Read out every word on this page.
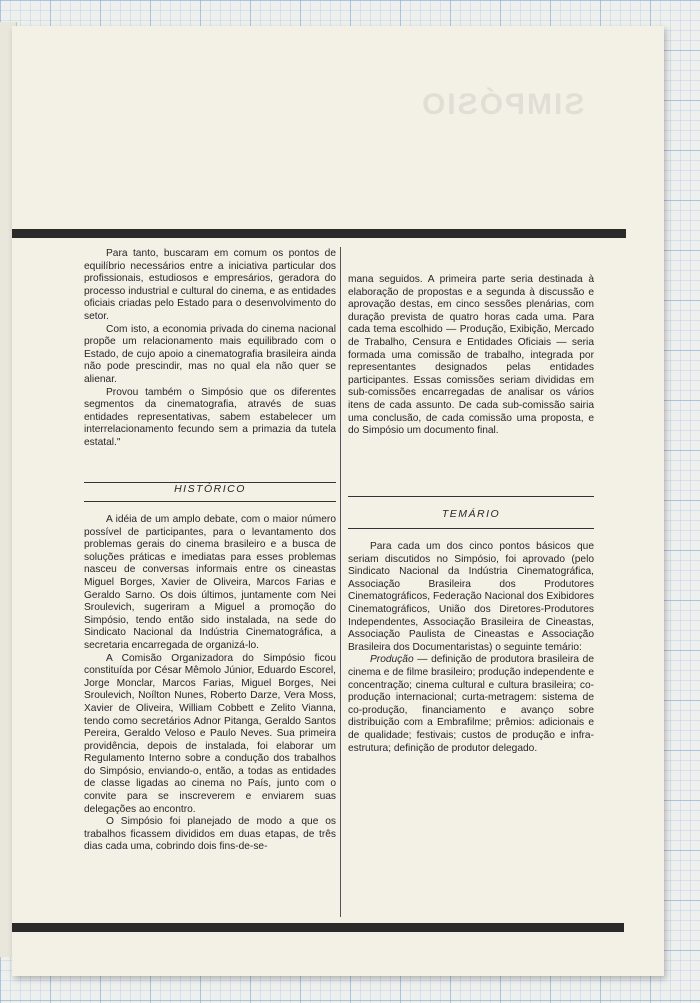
SIMPÓSIO

Para tanto, buscaram em comum os pontos de equilíbrio necessários entre a iniciativa particular dos profissionais, estudiosos e empresários, geradora do processo industrial e cultural do cinema, e as entidades oficiais criadas pelo Estado para o desenvolvimento do setor.

Com isto, a economia privada do cinema nacional propõe um relacionamento mais equilibrado com o Estado, de cujo apoio a cinematografia brasileira ainda não pode prescindir, mas no qual ela não quer se alienar.

Provou também o Simpósio que os diferentes segmentos da cinematografia, através de suas entidades representativas, sabem estabelecer um interrelacionamento fecundo sem a primazia da tutela estatal."

mana seguidos. A primeira parte seria destinada à elaboração de propostas e a segunda à discussão e aprovação destas, em cinco sessões plenárias, com duração prevista de quatro horas cada uma. Para cada tema escolhido — Produção, Exibição, Mercado de Trabalho, Censura e Entidades Oficiais — seria formada uma comissão de trabalho, integrada por representantes designados pelas entidades participantes. Essas comissões seriam divididas em sub-comissões encarregadas de analisar os vários itens de cada assunto. De cada sub-comissão sairia uma conclusão, de cada comissão uma proposta, e do Simpósio um documento final.

HISTÓRICO
TEMÁRIO

A idéia de um amplo debate, com o maior número possível de participantes, para o levantamento dos problemas gerais do cinema brasileiro e a busca de soluções práticas e imediatas para esses problemas nasceu de conversas informais entre os cineastas Miguel Borges, Xavier de Oliveira, Marcos Farias e Geraldo Sarno. Os dois últimos, juntamente com Nei Sroulevich, sugeriram a Miguel a promoção do Simpósio, tendo então sido instalada, na sede do Sindicato Nacional da Indústria Cinematográfica, a secretaria encarregada de organizá-lo.

A Comisão Organizadora do Simpósio ficou constituída por César Mêmolo Júnior, Eduardo Escorel, Jorge Monclar, Marcos Farias, Miguel Borges, Nei Sroulevich, Noílton Nunes, Roberto Darze, Vera Moss, Xavier de Oliveira, William Cobbett e Zelito Vianna, tendo como secretários Adnor Pitanga, Geraldo Santos Pereira, Geraldo Veloso e Paulo Neves. Sua primeira providência, depois de instalada, foi elaborar um Regulamento Interno sobre a condução dos trabalhos do Simpósio, enviando-o, então, a todas as entidades de classe ligadas ao cinema no País, junto com o convite para se inscreverem e enviarem suas delegações ao encontro.

O Simpósio foi planejado de modo a que os trabalhos ficassem divididos em duas etapas, de três dias cada uma, cobrindo dois fins-de-se-

Para cada um dos cinco pontos básicos que seriam discutidos no Simpósio, foi aprovado (pelo Sindicato Nacional da Indústria Cinematográfica, Associação Brasileira dos Produtores Cinematográficos, Federação Nacional dos Exibidores Cinematográficos, União dos Diretores-Produtores Independentes, Associação Brasileira de Cineastas, Associação Paulista de Cineastas e Associação Brasileira dos Documentaristas) o seguinte temário:

Produção — definição de produtora brasileira de cinema e de filme brasileiro; produção independente e concentração; cinema cultural e cultura brasileira; co-produção internacional; curta-metragem: sistema de co-produção, financiamento e avanço sobre distribuição com a Embrafilme; prêmios: adicionais e de qualidade; festivais; custos de produção e infra-estrutura; definição de produtor delegado.
